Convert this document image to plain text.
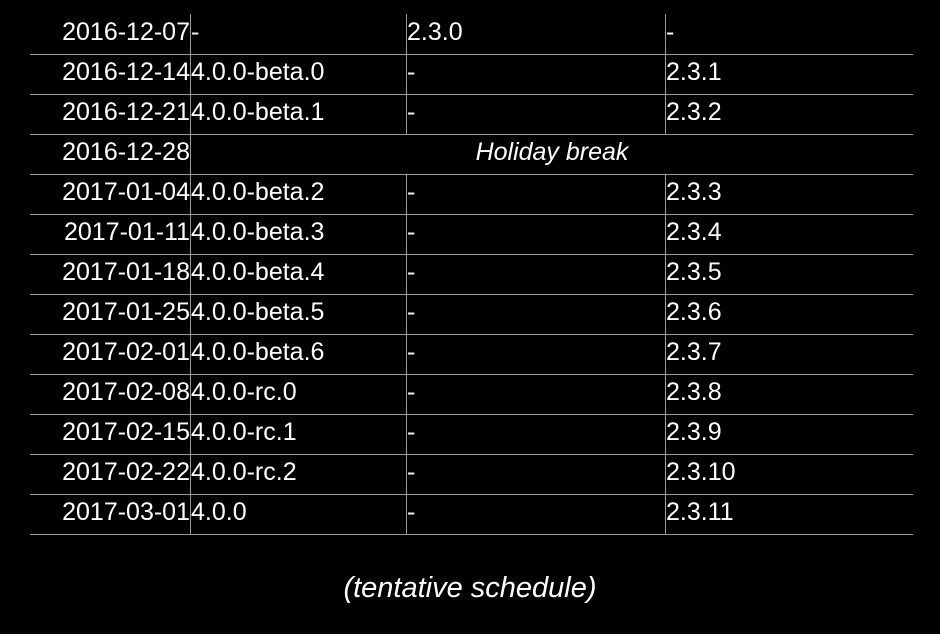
2016-12-07	-	2.3.0	-
2016-12-14	4.0.0-beta.0	-	2.3.1
2016-12-21	4.0.0-beta.1	-	2.3.2
2016-12-28	Holiday break		
2017-01-04	4.0.0-beta.2	-	2.3.3
2017-01-11	4.0.0-beta.3	-	2.3.4
2017-01-18	4.0.0-beta.4	-	2.3.5
2017-01-25	4.0.0-beta.5	-	2.3.6
2017-02-01	4.0.0-beta.6	-	2.3.7
2017-02-08	4.0.0-rc.0	-	2.3.8
2017-02-15	4.0.0-rc.1	-	2.3.9
2017-02-22	4.0.0-rc.2	-	2.3.10
2017-03-01	4.0.0	-	2.3.11
(tentative schedule)
